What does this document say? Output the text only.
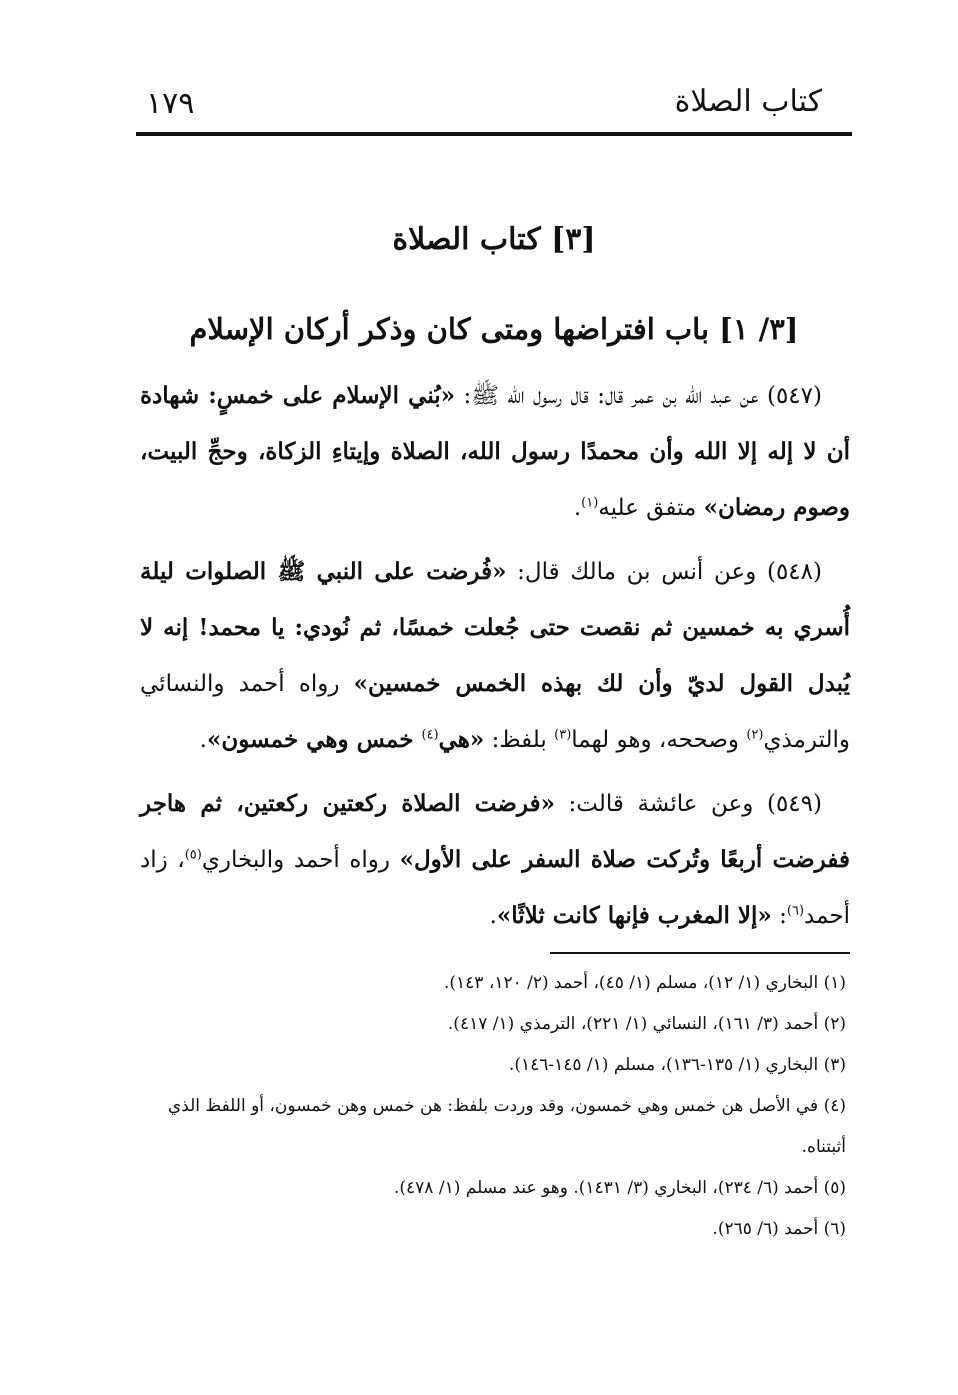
كتاب الصلاة
١٧٩
[٣] كتاب الصلاة
[٣/ ١] باب افتراضها ومتى كان وذكر أركان الإسلام

(٥٤٧) عن عبد الله بن عمر قال: قال رسول الله ﷺ: «بُني الإسلام على خمسٍ: شهادة أن لا إله إلا الله وأن محمدًا رسول الله، الصلاة وإيتاءِ الزكاة، وحجِّ البيت، وصوم رمضان» متفق عليه$^{(١)}$.

(٥٤٨) وعن أنس بن مالك قال: «فُرضت على النبي ﷺ الصلوات ليلة أُسري به خمسين ثم نقصت حتى جُعلت خمسًا، ثم نُودي: يا محمد! إنه لا يُبدل القول لديّ وأن لك بهذه الخمس خمسين» رواه أحمد والنسائي والترمذي$^{(٢)}$ وصححه، وهو لهما$^{(٣)}$ بلفظ: «هي$^{(٤)}$ خمس وهي خمسون».

(٥٤٩) وعن عائشة قالت: «فرضت الصلاة ركعتين ركعتين، ثم هاجر ففرضت أربعًا وتُركت صلاة السفر على الأول» رواه أحمد والبخاري$^{(٥)}$، زاد أحمد$^{(٦)}$: «إلا المغرب فإنها كانت ثلاثًا».

(١) البخاري (١/ ١٢)، مسلم (١/ ٤٥)، أحمد (٢/ ١٢٠، ١٤٣).

(٢) أحمد (٣/ ١٦١)، النسائي (١/ ٢٢١)، الترمذي (١/ ٤١٧).

(٣) البخاري (١/ ١٣٥-١٣٦)، مسلم (١/ ١٤٥-١٤٦).

(٤) في الأصل هن خمس وهي خمسون، وقد وردت بلفظ: هن خمس وهن خمسون، أو اللفظ الذي أثبتناه.

(٥) أحمد (٦/ ٢٣٤)، البخاري (٣/ ١٤٣١). وهو عند مسلم (١/ ٤٧٨).

(٦) أحمد (٦/ ٢٦٥).
